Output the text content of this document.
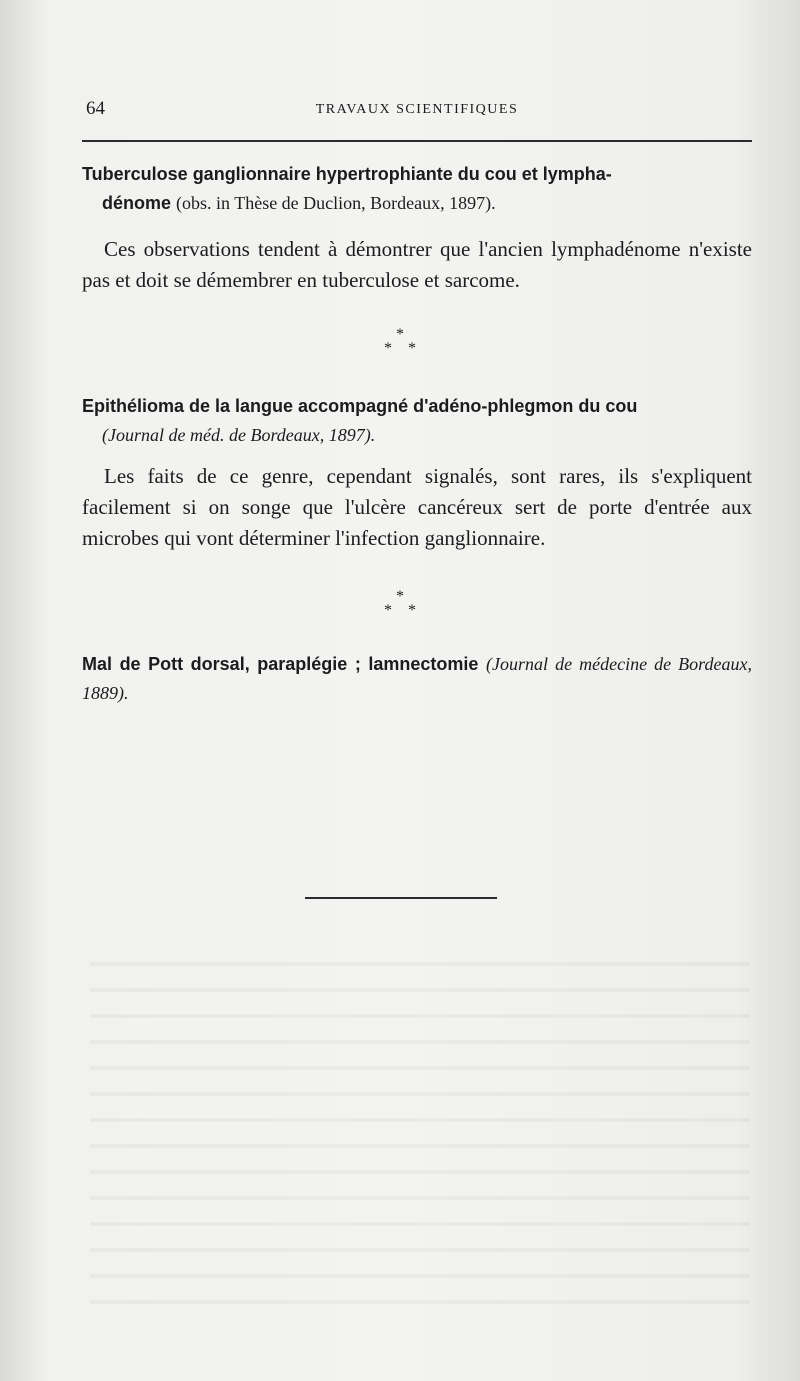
64	TRAVAUX SCIENTIFIQUES
Tuberculose ganglionnaire hypertrophiante du cou et lympha-
dénome (obs. in Thèse de Duclion, Bordeaux, 1897).
Ces observations tendent à démontrer que l'ancien lymphadénome n'existe pas et doit se démembrer en tuberculose et sarcome.
*
**
Epithélioma de la langue accompagné d'adéno-phlegmon du cou
(Journal de méd. de Bordeaux, 1897).
Les faits de ce genre, cependant signalés, sont rares, ils s'expliquent facilement si on songe que l'ulcère cancéreux sert de porte d'entrée aux microbes qui vont déterminer l'infection ganglionnaire.
*
**
Mal de Pott dorsal, paraplégie ; lamnectomie (Journal de médecine de Bordeaux, 1889).
